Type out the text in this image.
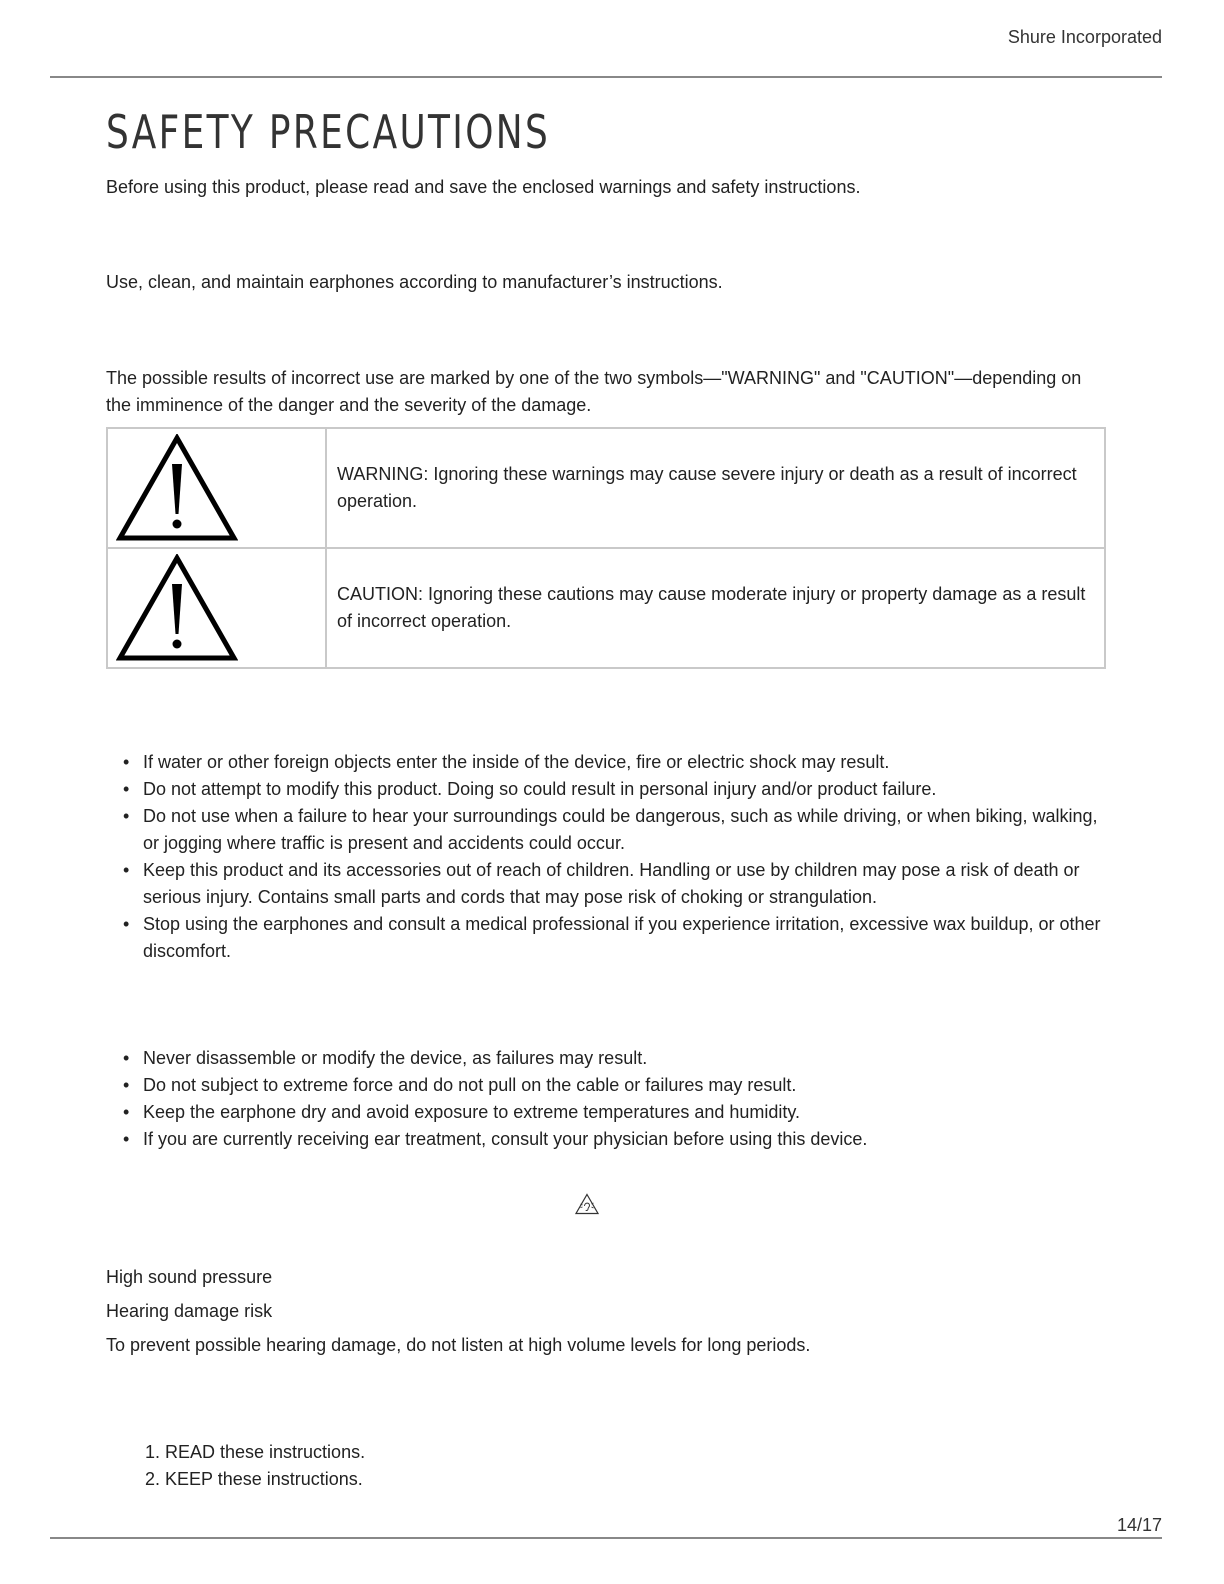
Shure Incorporated
SAFETY PRECAUTIONS

Before using this product, please read and save the enclosed warnings and safety instructions.

Use, clean, and maintain earphones according to manufacturer’s instructions.

The possible results of incorrect use are marked by one of the two symbols—"WARNING" and "CAUTION"—depending on the imminence of the danger and the severity of the damage.

	WARNING: Ignoring these warnings may cause severe injury or death as a result of incorrect operation.

	CAUTION: Ignoring these cautions may cause moderate injury or property damage as a result of incorrect operation.
• If water or other foreign objects enter the inside of the device, fire or electric shock may result.
• Do not attempt to modify this product. Doing so could result in personal injury and/or product failure.
• Do not use when a failure to hear your surroundings could be dangerous, such as while driving, or when biking, walking, or jogging where traffic is present and accidents could occur.
• Keep this product and its accessories out of reach of children. Handling or use by children may pose a risk of death or serious injury. Contains small parts and cords that may pose risk of choking or strangulation.
• Stop using the earphones and consult a medical professional if you experience irritation, excessive wax buildup, or other discomfort.
• Never disassemble or modify the device, as failures may result.
• Do not subject to extreme force and do not pull on the cable or failures may result.
• Keep the earphone dry and avoid exposure to extreme temperatures and humidity.
• If you are currently receiving ear treatment, consult your physician before using this device.

High sound pressure

Hearing damage risk

To prevent possible hearing damage, do not listen at high volume levels for long periods.

1. READ these instructions.
2. KEEP these instructions.
14/17
